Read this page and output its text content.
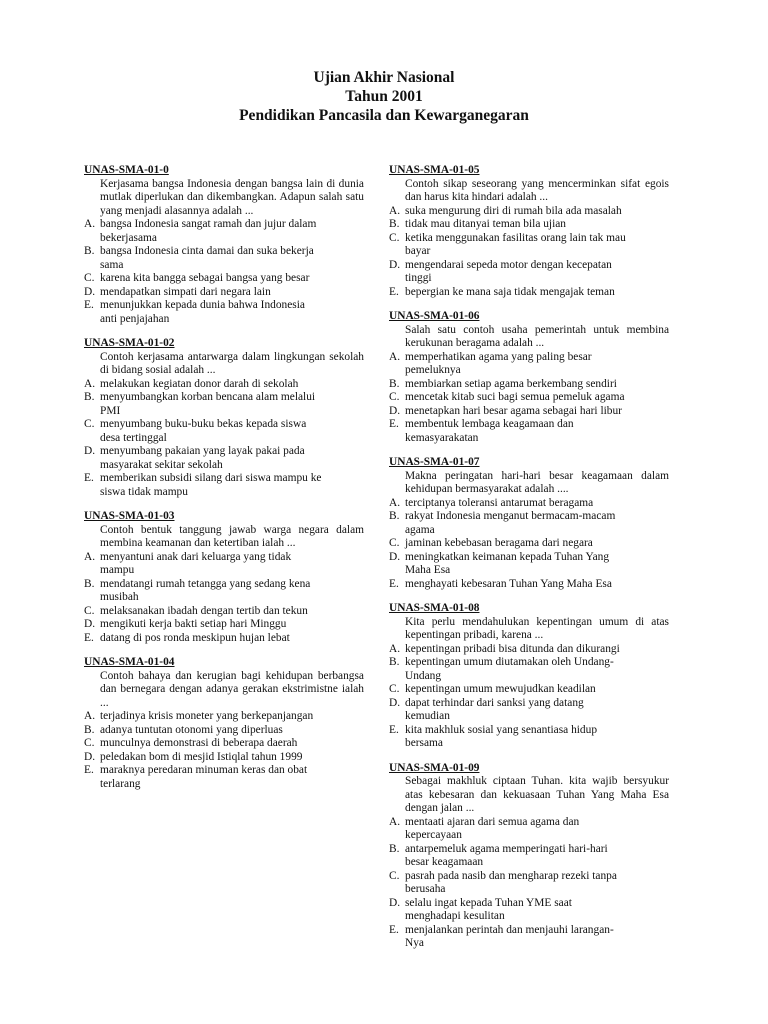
Ujian Akhir Nasional
Tahun 2001
Pendidikan Pancasila dan Kewarganegaran
UNAS-SMA-01-0
Kerjasama bangsa Indonesia dengan bangsa lain di dunia mutlak diperlukan dan dikembangkan. Adapun salah satu yang menjadi alasannya adalah ...
A. bangsa Indonesia sangat ramah dan jujur dalam bekerjasama
B. bangsa Indonesia cinta damai dan suka bekerja sama
C. karena kita bangga sebagai bangsa yang besar
D. mendapatkan simpati dari negara lain
E. menunjukkan kepada dunia bahwa Indonesia anti penjajahan
UNAS-SMA-01-02
Contoh kerjasama antarwarga dalam lingkungan sekolah di bidang sosial adalah ...
A. melakukan kegiatan donor darah di sekolah
B. menyumbangkan korban bencana alam melalui PMI
C. menyumbang buku-buku bekas kepada siswa desa tertinggal
D. menyumbang pakaian yang layak pakai pada masyarakat sekitar sekolah
E. memberikan subsidi silang dari siswa mampu ke siswa tidak mampu
UNAS-SMA-01-03
Contoh bentuk tanggung jawab warga negara dalam membina keamanan dan ketertiban ialah ...
A. menyantuni anak dari keluarga yang tidak mampu
B. mendatangi rumah tetangga yang sedang kena musibah
C. melaksanakan ibadah dengan tertib dan tekun
D. mengikuti kerja bakti setiap hari Minggu
E. datang di pos ronda meskipun hujan lebat
UNAS-SMA-01-04
Contoh bahaya dan kerugian bagi kehidupan berbangsa dan bernegara dengan adanya gerakan ekstrimistne ialah ...
A. terjadinya krisis moneter yang berkepanjangan
B. adanya tuntutan otonomi yang diperluas
C. munculnya demonstrasi di beberapa daerah
D. peledakan bom di mesjid Istiqlal tahun 1999
E. maraknya peredaran minuman keras dan obat terlarang
UNAS-SMA-01-05
Contoh sikap seseorang yang mencerminkan sifat egois dan harus kita hindari adalah ...
A. suka mengurung diri di rumah bila ada masalah
B. tidak mau ditanyai teman bila ujian
C. ketika menggunakan fasilitas orang lain tak mau bayar
D. mengendarai sepeda motor dengan kecepatan tinggi
E. bepergian ke mana saja tidak mengajak teman
UNAS-SMA-01-06
Salah satu contoh usaha pemerintah untuk membina kerukunan beragama adalah ...
A. memperhatikan agama yang paling besar pemeluknya
B. membiarkan setiap agama berkembang sendiri
C. mencetak kitab suci bagi semua pemeluk agama
D. menetapkan hari besar agama sebagai hari libur
E. membentuk lembaga keagamaan dan kemasyarakatan
UNAS-SMA-01-07
Makna peringatan hari-hari besar keagamaan dalam kehidupan bermasyarakat adalah ....
A. terciptanya toleransi antarumat beragama
B. rakyat Indonesia menganut bermacam-macam agama
C. jaminan kebebasan beragama dari negara
D. meningkatkan keimanan kepada Tuhan Yang Maha Esa
E. menghayati kebesaran Tuhan Yang Maha Esa
UNAS-SMA-01-08
Kita perlu mendahulukan kepentingan umum di atas kepentingan pribadi, karena ...
A. kepentingan pribadi bisa ditunda dan dikurangi
B. kepentingan umum diutamakan oleh Undang-Undang
C. kepentingan umum mewujudkan keadilan
D. dapat terhindar dari sanksi yang datang kemudian
E. kita makhluk sosial yang senantiasa hidup bersama
UNAS-SMA-01-09
Sebagai makhluk ciptaan Tuhan. kita wajib bersyukur atas kebesaran dan kekuasaan Tuhan Yang Maha Esa dengan jalan ...
A. mentaati ajaran dari semua agama dan kepercayaan
B. antarpemeluk agama memperingati hari-hari besar keagamaan
C. pasrah pada nasib dan mengharap rezeki tanpa berusaha
D. selalu ingat kepada Tuhan YME saat menghadapi kesulitan
E. menjalankan perintah dan menjauhi larangan-Nya
